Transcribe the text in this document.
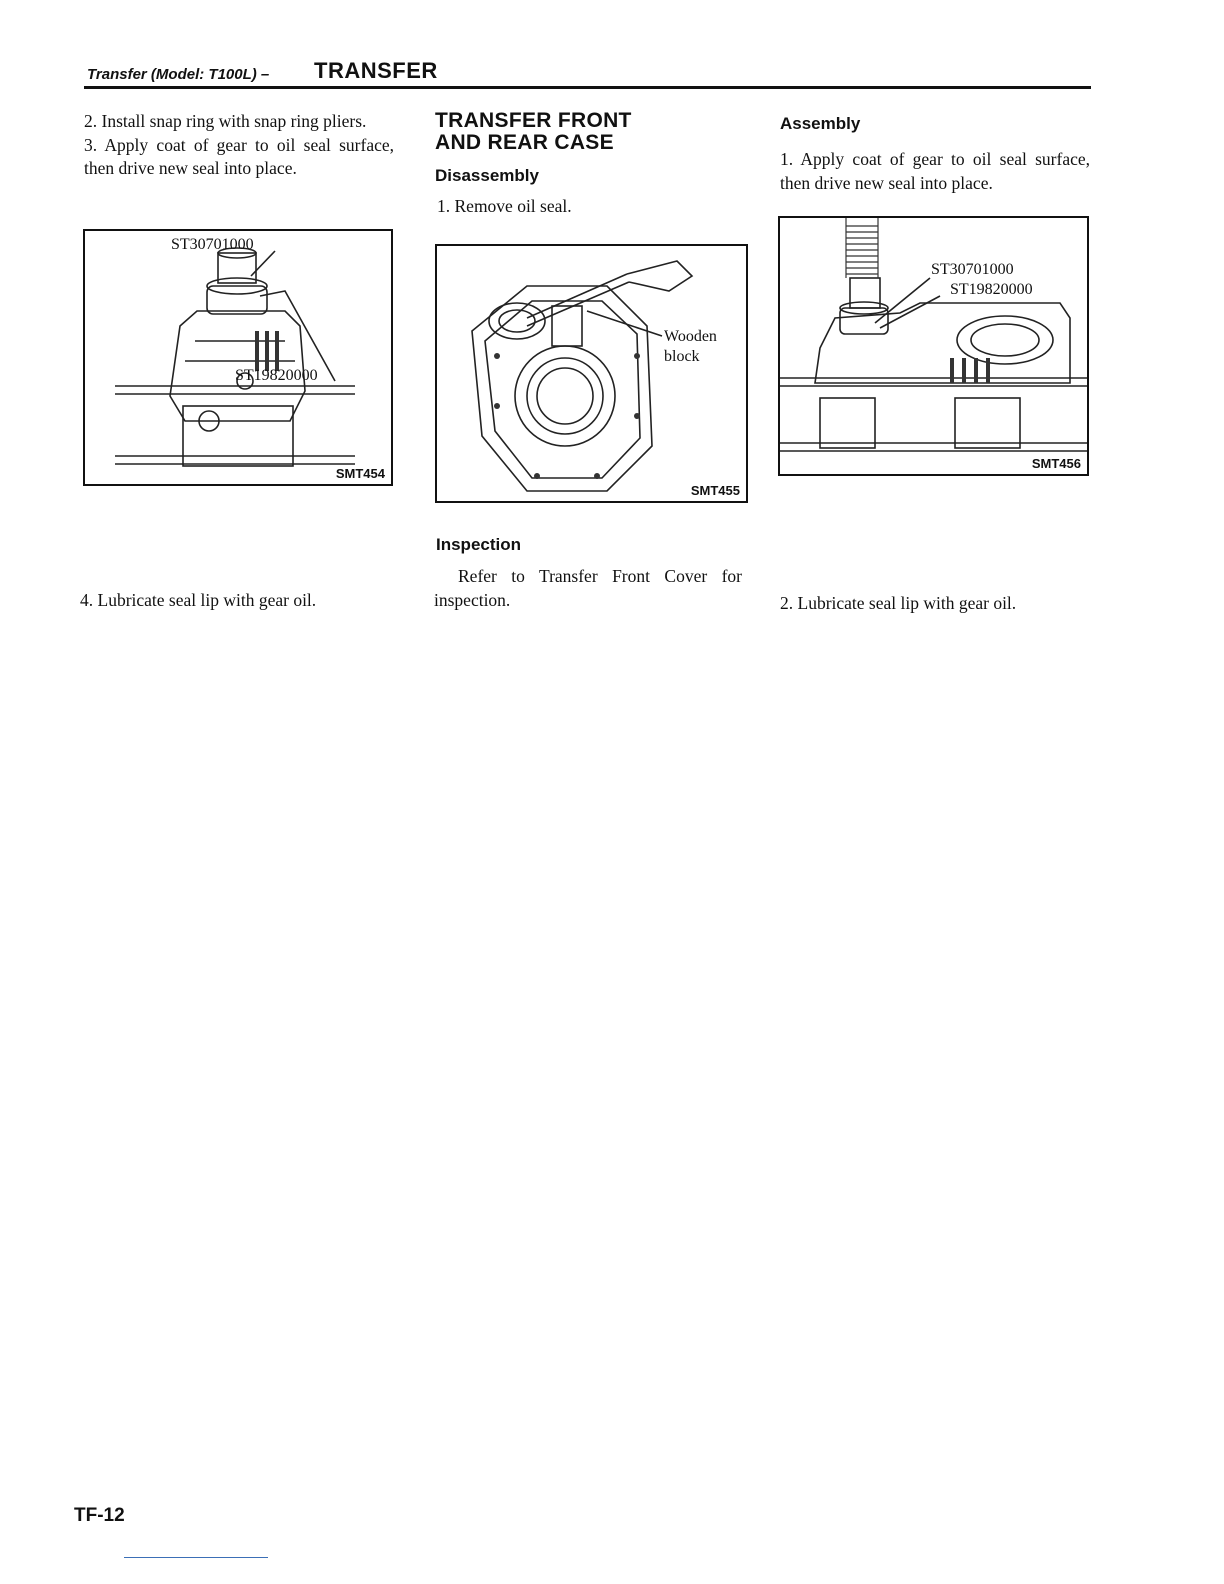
Transfer (Model: T100L) – TRANSFER

2. Install snap ring with snap ring pliers.

3. Apply coat of gear to oil seal surface, then drive new seal into place.

ST30701000
ST19820000
SMT454

4. Lubricate seal lip with gear oil.

TRANSFER FRONT
AND REAR CASE
Disassembly

1. Remove oil seal.

Wooden
block
SMT455
Inspection

Refer to Transfer Front Cover for inspection.

Assembly

1. Apply coat of gear to oil seal surface, then drive new seal into place.

ST30701000
ST19820000
SMT456

2. Lubricate seal lip with gear oil.

TF-12
